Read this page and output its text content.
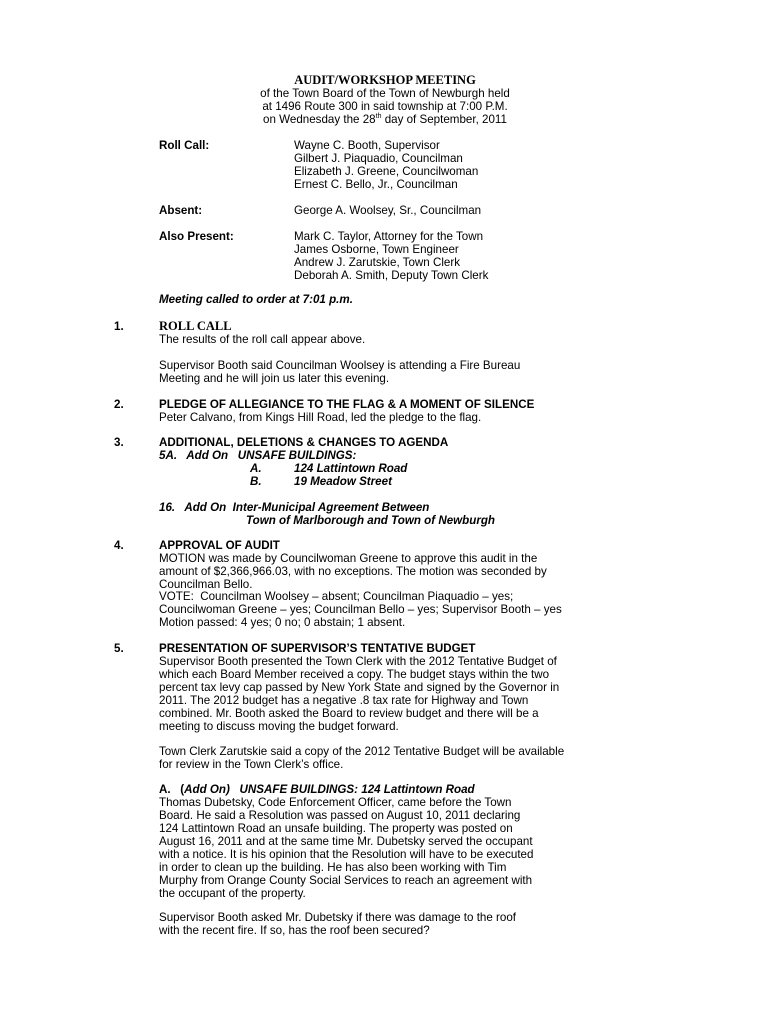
AUDIT/WORKSHOP MEETING
of the Town Board of the Town of Newburgh held
at 1496 Route 300 in said township at 7:00 P.M.
on Wednesday the 28th day of September, 2011
Roll Call:	Wayne C. Booth, Supervisor
Gilbert J. Piaquadio, Councilman
Elizabeth J. Greene, Councilwoman
Ernest C. Bello, Jr., Councilman
Absent:	George A. Woolsey, Sr., Councilman
Also Present:	Mark C. Taylor, Attorney for the Town
James Osborne, Town Engineer
Andrew J. Zarutskie, Town Clerk
Deborah A. Smith, Deputy Town Clerk
Meeting called to order at 7:01 p.m.
1.	ROLL CALL
The results of the roll call appear above.
Supervisor Booth said Councilman Woolsey is attending a Fire Bureau
Meeting and he will join us later this evening.
2.	PLEDGE OF ALLEGIANCE TO THE FLAG & A MOMENT OF SILENCE
Peter Calvano, from Kings Hill Road, led the pledge to the flag.
3.	ADDITIONAL, DELETIONS & CHANGES TO AGENDA
5A.   Add On   UNSAFE BUILDINGS:
A.	124 Lattintown Road
B.	19 Meadow Street
16.   Add On  Inter-Municipal Agreement Between
Town of Marlborough and Town of Newburgh
4.	APPROVAL OF AUDIT
MOTION was made by Councilwoman Greene to approve this audit in the
amount of $2,366,966.03, with no exceptions. The motion was seconded by
Councilman Bello.
VOTE:  Councilman Woolsey – absent; Councilman Piaquadio – yes;
Councilwoman Greene – yes; Councilman Bello – yes; Supervisor Booth – yes
Motion passed: 4 yes; 0 no; 0 abstain; 1 absent.
5.	PRESENTATION OF SUPERVISOR’S TENTATIVE BUDGET
Supervisor Booth presented the Town Clerk with the 2012 Tentative Budget of
which each Board Member received a copy. The budget stays within the two
percent tax levy cap passed by New York State and signed by the Governor in
2011. The 2012 budget has a negative .8 tax rate for Highway and Town
combined. Mr. Booth asked the Board to review budget and there will be a
meeting to discuss moving the budget forward.
Town Clerk Zarutskie said a copy of the 2012 Tentative Budget will be available
for review in the Town Clerk’s office.
A.   (Add On)   UNSAFE BUILDINGS: 124 Lattintown Road
Thomas Dubetsky, Code Enforcement Officer, came before the Town
Board. He said a Resolution was passed on August 10, 2011 declaring
124 Lattintown Road an unsafe building. The property was posted on
August 16, 2011 and at the same time Mr. Dubetsky served the occupant
with a notice. It is his opinion that the Resolution will have to be executed
in order to clean up the building. He has also been working with Tim
Murphy from Orange County Social Services to reach an agreement with
the occupant of the property.
Supervisor Booth asked Mr. Dubetsky if there was damage to the roof
with the recent fire. If so, has the roof been secured?
